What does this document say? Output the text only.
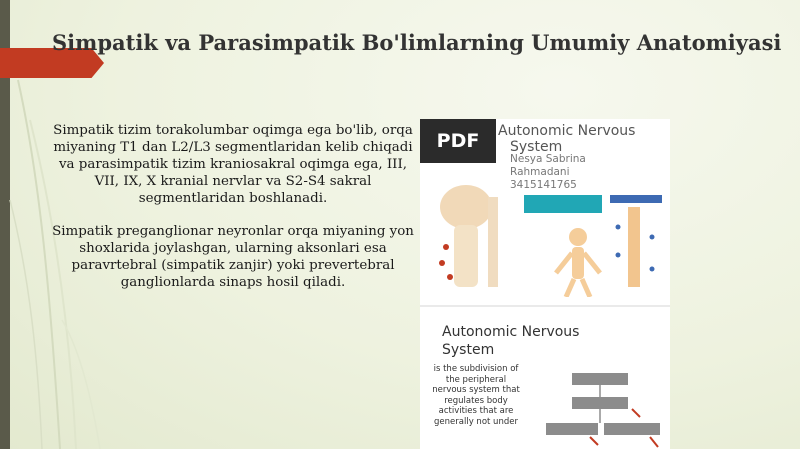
Simpatik va Parasimpatik Bo'limlarning Umumiy Anatomiyasi

Simpatik tizim torakolumbar oqimga ega bo'lib, orqa miyaning T1 dan L2/L3 segmentlaridan kelib chiqadi va parasimpatik tizim kraniosakral oqimga ega, III, VII, IX, X kranial nervlar va S2-S4 sakral segmentlaridan boshlanadi.

Simpatik preganglionar neyronlar orqa miyaning yon shoxlarida joylashgan, ularning aksonlari esa paravrtebral (simpatik zanjir) yoki prevertebral ganglionlarda sinaps hosil qiladi.

PDF	Autonomic Nervous
System
Nesya Sabrina
Rahmadani
3415141765
Autonomic Nervous
System
is the subdivision of the peripheral nervous system that regulates body activities that are generally not under
